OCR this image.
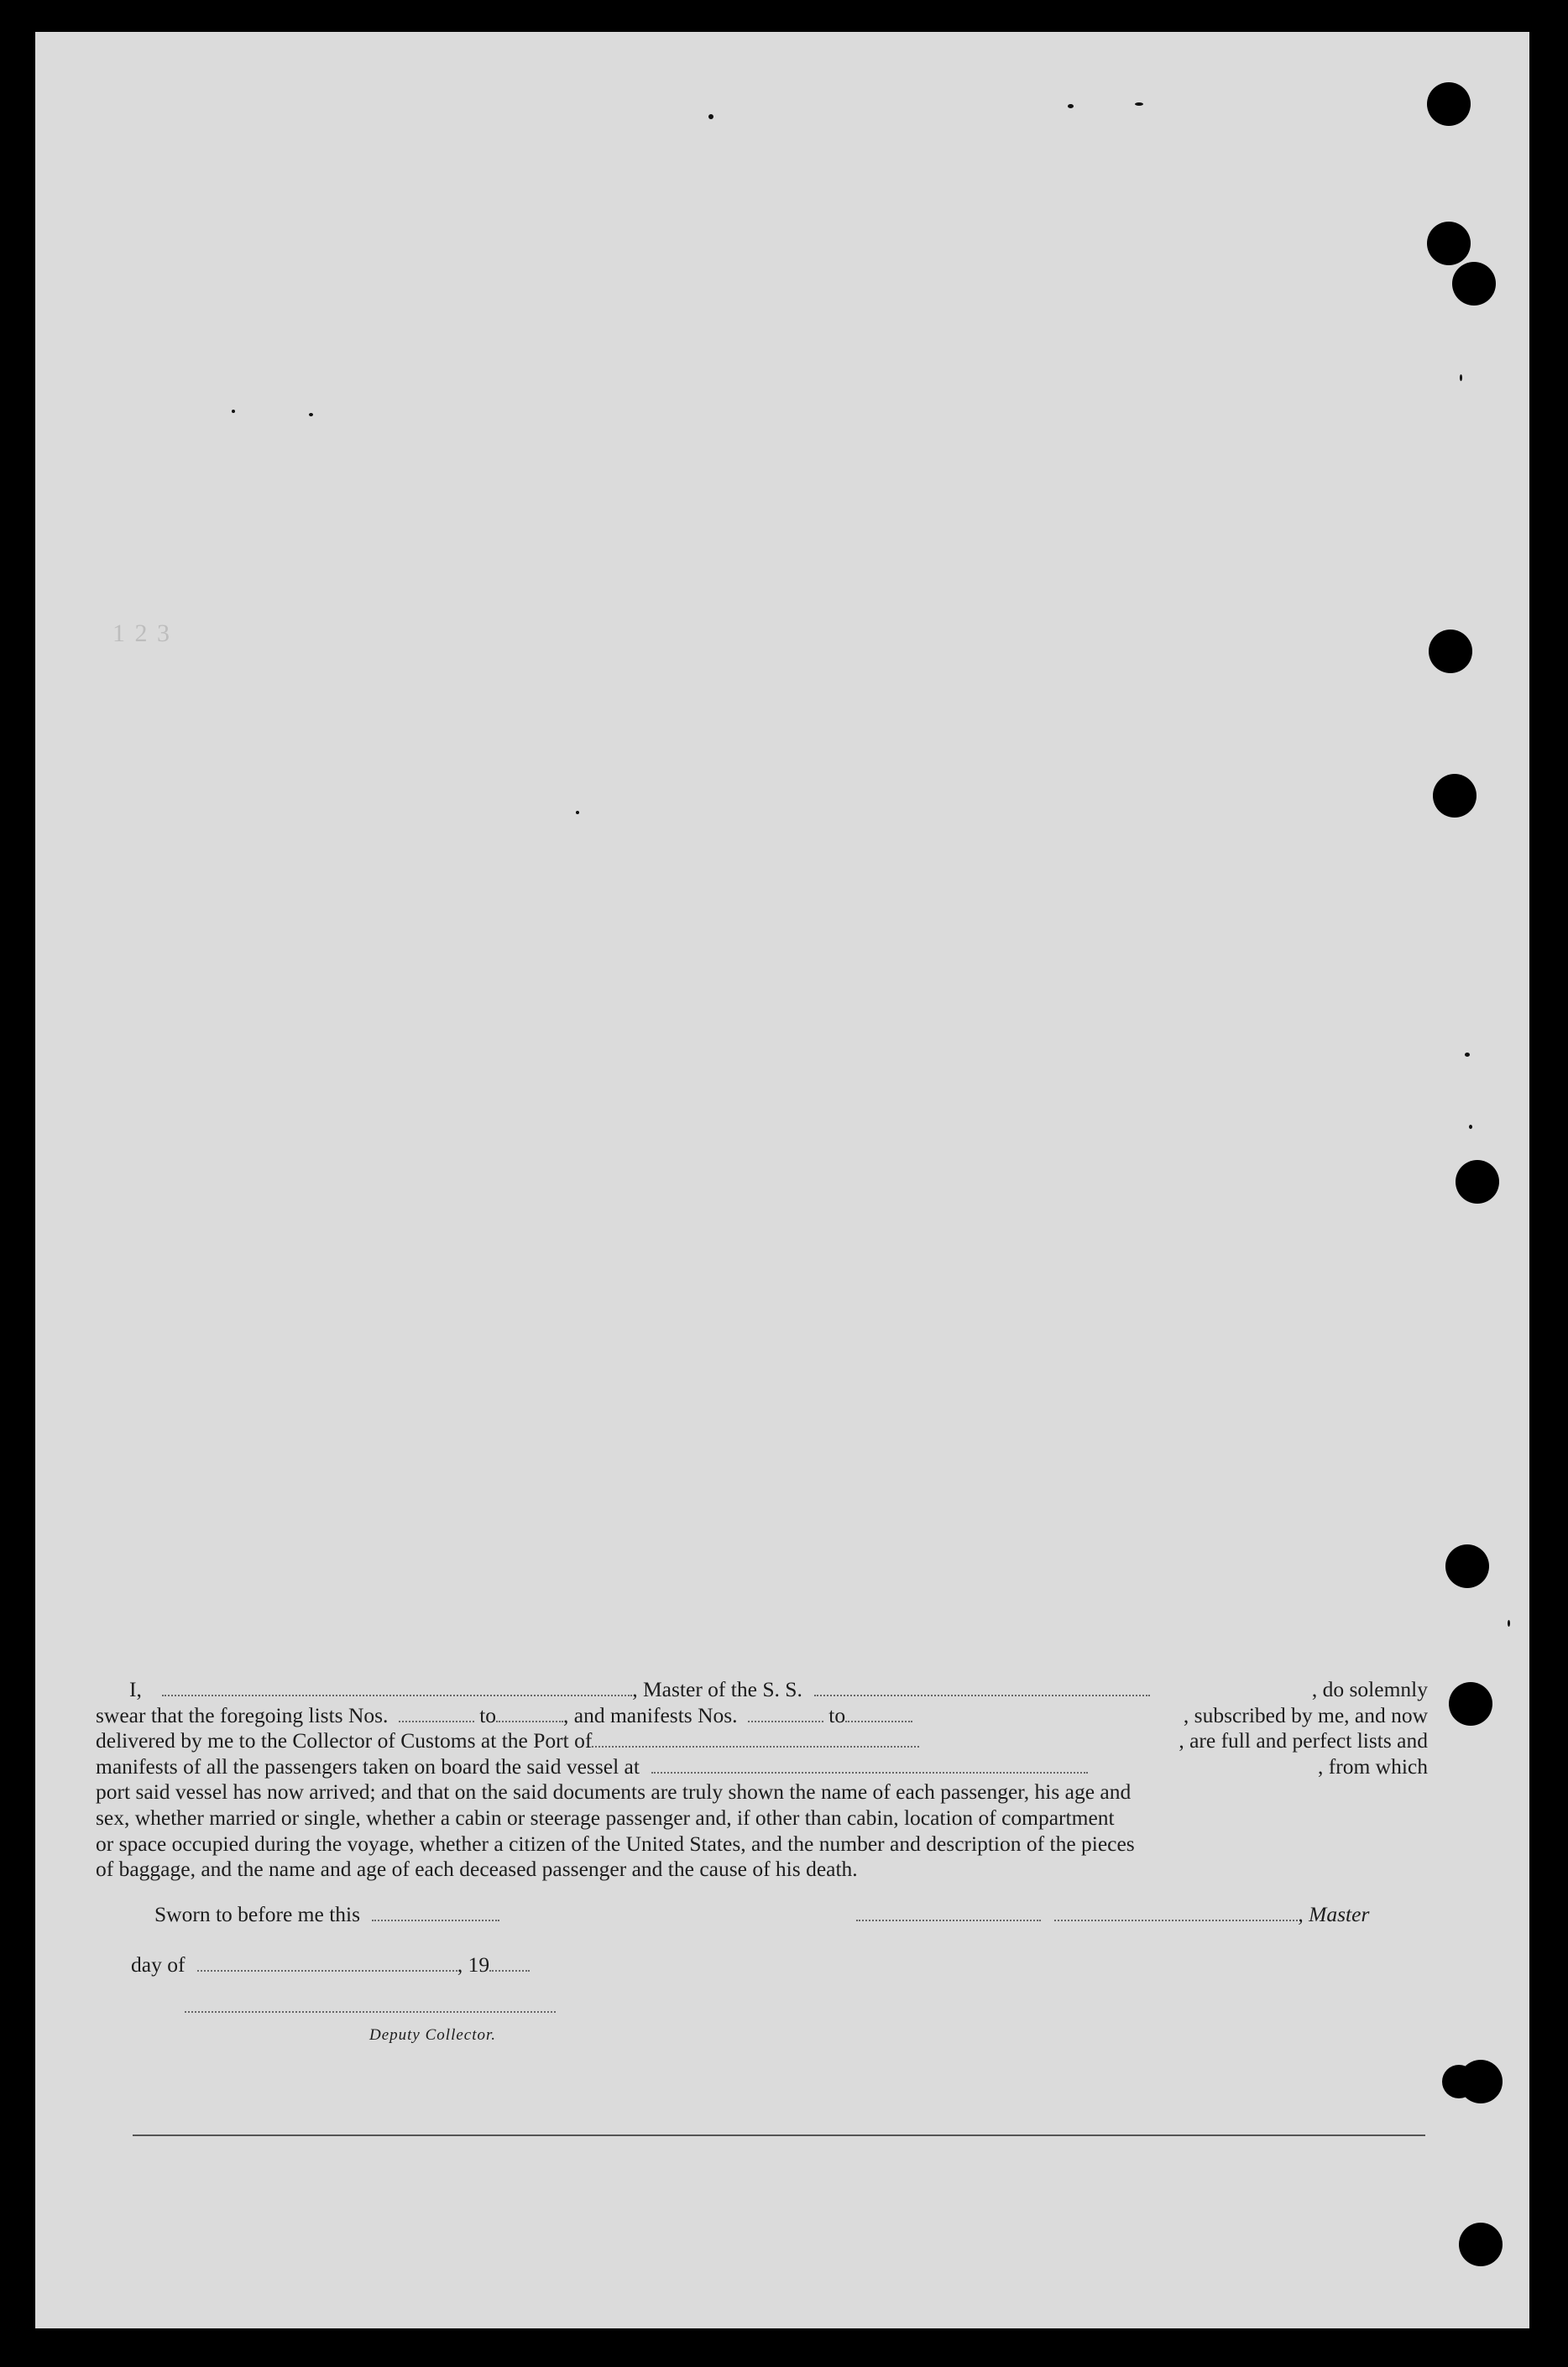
1 2 3
I,	, Master of the S. S.	, do solemnly
swear that the foregoing lists Nos.	to	, and manifests Nos.	to	, subscribed by me, and now
delivered by me to the Collector of Customs at the Port of	, are full and perfect lists and
manifests of all the passengers taken on board the said vessel at	, from which
port said vessel has now arrived; and that on the said documents are truly shown the name of each passenger, his age and
sex, whether married or single, whether a cabin or steerage passenger and, if other than cabin, location of compartment
or space occupied during the voyage, whether a citizen of the United States, and the number and description of the pieces
of baggage, and the name and age of each deceased passenger and the cause of his death.
Sworn to before me this	, Master
day of	, 19
Deputy Collector.
